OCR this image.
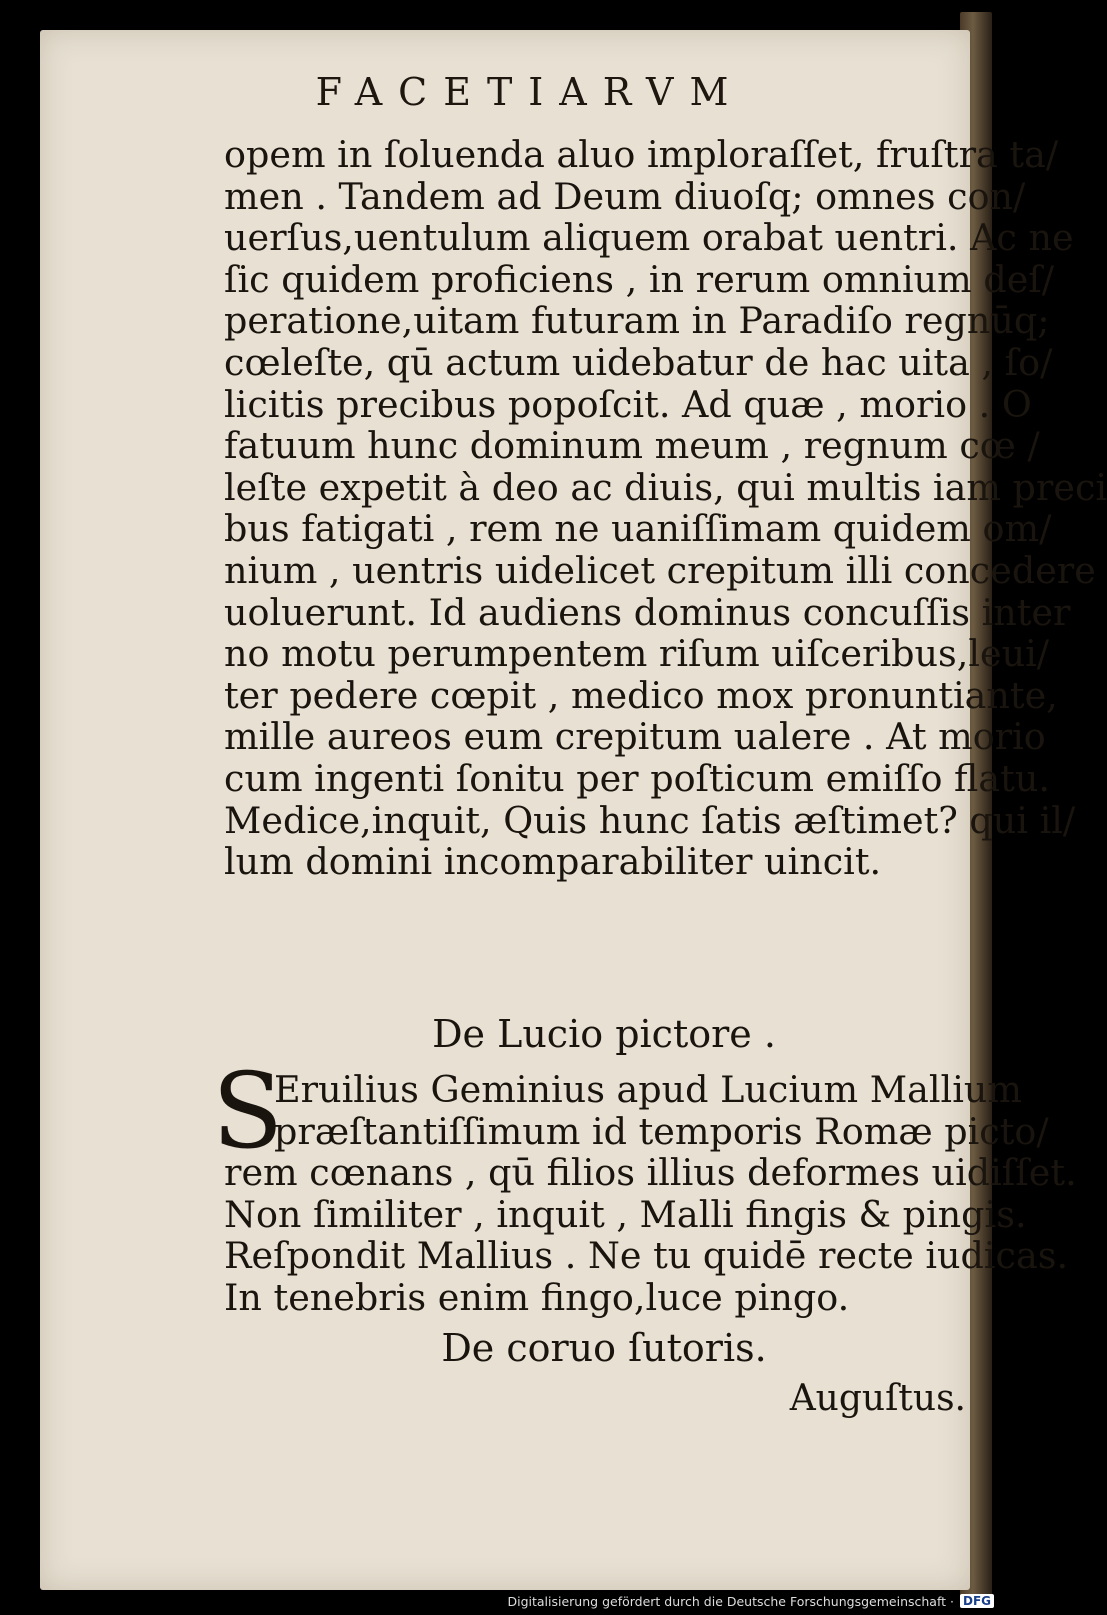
FACETIARVM
opem in ſoluenda aluo imploraſſet, fruſtra ta/
men . Tandem ad Deum diuoſq; omnes con/
uerſus,uentulum aliquem orabat uentri. Ac ne
ſic quidem proficiens , in rerum omnium deſ/
peratione,uitam futuram in Paradiſo regnūq;
cœleſte, qū actum uidebatur de hac uita , ſo/
licitis precibus popoſcit. Ad quæ , morio . O
fatuum hunc dominum meum , regnum cœ /
leſte expetit à deo ac diuis, qui multis iam preci
bus fatigati , rem ne uaniſſimam quidem om/
nium , uentris uidelicet crepitum illi concedere
uoluerunt. Id audiens dominus concuſſis inter
no motu perumpentem riſum uiſceribus,leui/
ter pedere cœpit , medico mox pronuntiante,
mille aureos eum crepitum ualere . At morio
cum ingenti ſonitu per poſticum emiſſo flatu.
Medice,inquit, Quis hunc ſatis æſtimet? qui il/
lum domini incomparabiliter uincit.
De Lucio pictore .
S
Eruilius Geminius apud Lucium Mallium
præſtantiſſimum id temporis Romæ picto/
rem cœnans , qū filios illius deformes uidiſſet.
Non ſimiliter , inquit , Malli fingis & pingis.
Reſpondit Mallius . Ne tu quidē recte iudicas.
In tenebris enim fingo,luce pingo.
De coruo ſutoris.
Auguſtus.
Digitalisierung gefördert durch die Deutsche Forschungsgemeinschaft · DFG
